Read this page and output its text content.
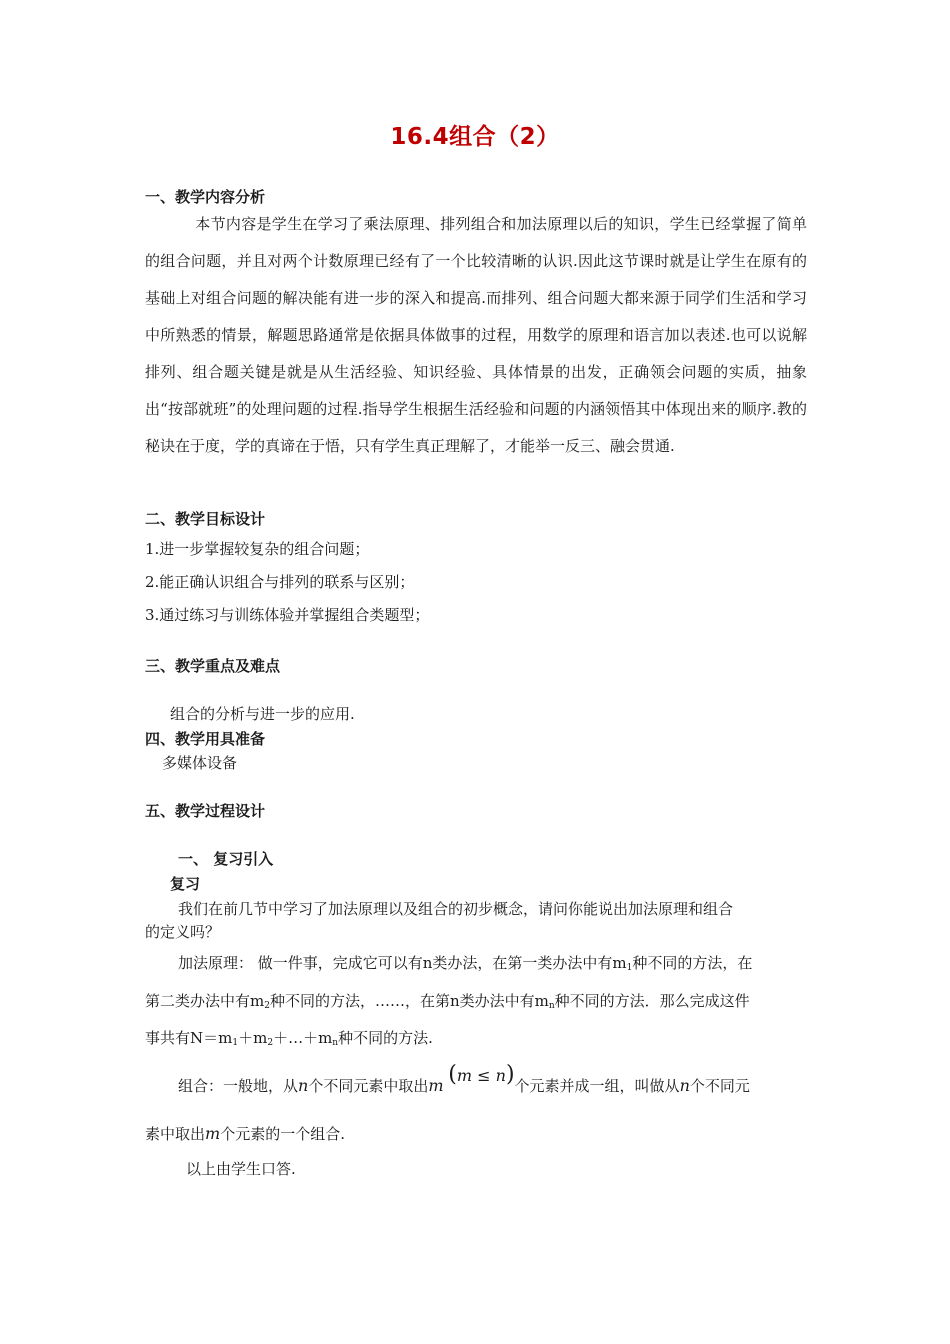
16.4组合（2）
一、教学内容分析
本节内容是学生在学习了乘法原理、排列组合和加法原理以后的知识，学生已经掌握了简单的组合问题，并且对两个计数原理已经有了一个比较清晰的认识.因此这节课时就是让学生在原有的基础上对组合问题的解决能有进一步的深入和提高.而排列、组合问题大都来源于同学们生活和学习中所熟悉的情景，解题思路通常是依据具体做事的过程，用数学的原理和语言加以表述.也可以说解排列、组合题关键是就是从生活经验、知识经验、具体情景的出发，正确领会问题的实质，抽象出“按部就班”的处理问题的过程.指导学生根据生活经验和问题的内涵领悟其中体现出来的顺序.教的秘诀在于度，学的真谛在于悟，只有学生真正理解了，才能举一反三、融会贯通.
二、教学目标设计
1.进一步掌握较复杂的组合问题；
2.能正确认识组合与排列的联系与区别；
3.通过练习与训练体验并掌握组合类题型；
三、教学重点及难点
组合的分析与进一步的应用.
四、教学用具准备
多媒体设备
五、教学过程设计
一、 复习引入
复习
我们在前几节中学习了加法原理以及组合的初步概念，请问你能说出加法原理和组合
的定义吗？
加法原理： 做一件事，完成它可以有n类办法，在第一类办法中有$m_1$种不同的方法，在
第二类办法中有$m_2$种不同的方法，……，在第n类办法中有$m_n$种不同的方法．那么完成这件
事共有$N=m_1+m_2+\dots+m_n$种不同的方法.
组合：一般地，从n个不同元素中取出m (m ≤ n)个元素并成一组，叫做从n个不同元
素中取出m个元素的一个组合.
以上由学生口答.
